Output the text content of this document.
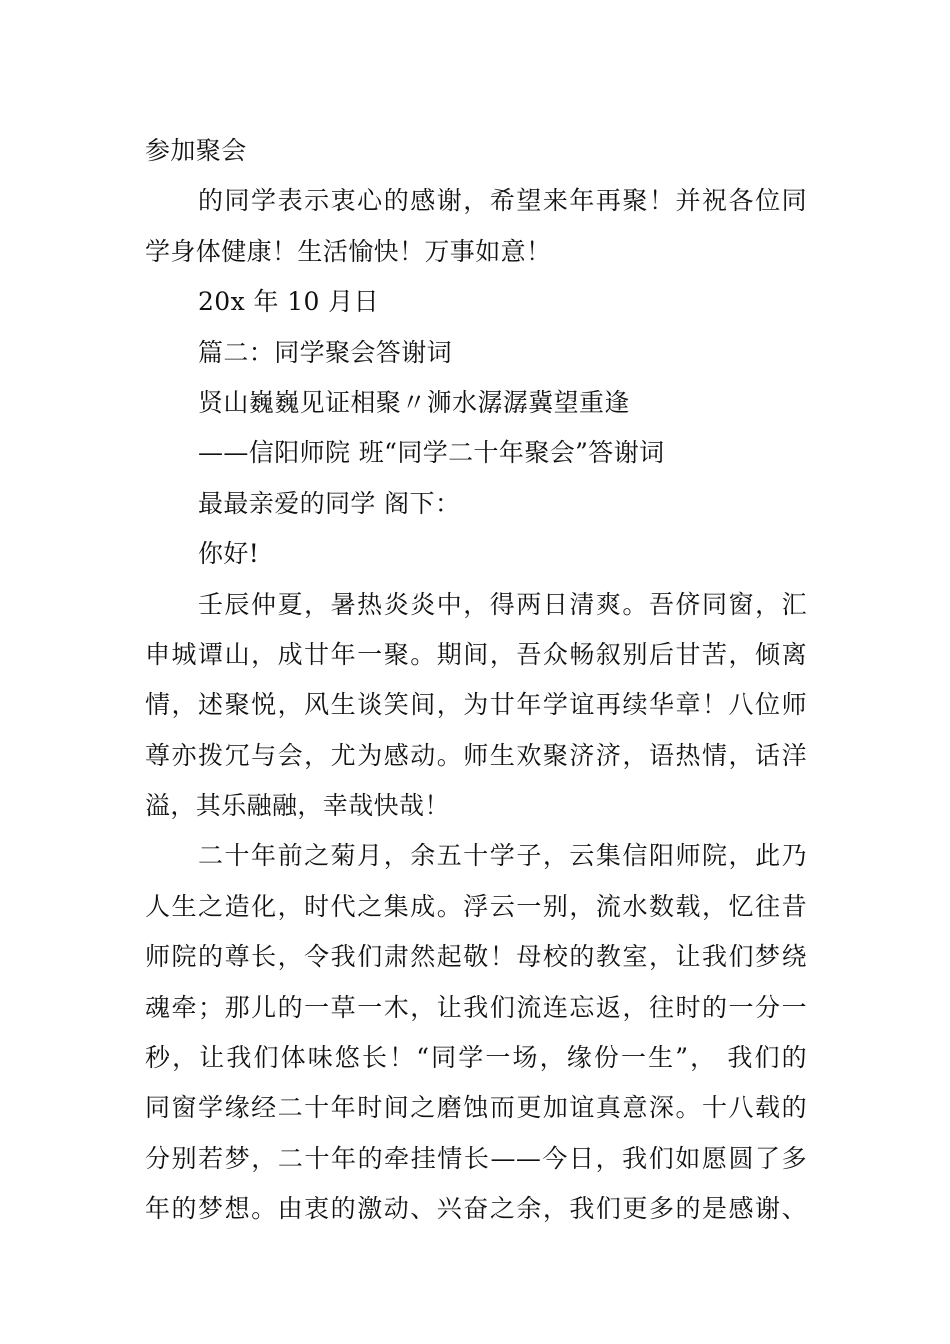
参加聚会
的同学表示衷心的感谢，希望来年再聚！并祝各位同
学身体健康！生活愉快！万事如意！
20x 年 10 月日
篇二：同学聚会答谢词
贤山巍巍见证相聚〃浉水潺潺冀望重逢
——信阳师院 班“同学二十年聚会”答谢词
最最亲爱的同学 阁下：
你好!
壬辰仲夏，暑热炎炎中，得两日清爽。吾侪同窗，汇
申城谭山，成廿年一聚。期间，吾众畅叙别后甘苦，倾离
情，述聚悦，风生谈笑间，为廿年学谊再续华章！八位师
尊亦拨冗与会，尤为感动。师生欢聚济济，语热情，话洋
溢，其乐融融，幸哉快哉！
二十年前之菊月，余五十学子，云集信阳师院，此乃
人生之造化，时代之集成。浮云一别，流水数载，忆往昔
师院的尊长，令我们肃然起敬！母校的教室，让我们梦绕
魂牵；那儿的一草一木，让我们流连忘返，往时的一分一
秒，让我们体味悠长！“同学一场，缘份一生”， 我们的
同窗学缘经二十年时间之磨蚀而更加谊真意深。十八载的
分别若梦，二十年的牵挂情长——今日，我们如愿圆了多
年的梦想。由衷的激动、兴奋之余，我们更多的是感谢、
